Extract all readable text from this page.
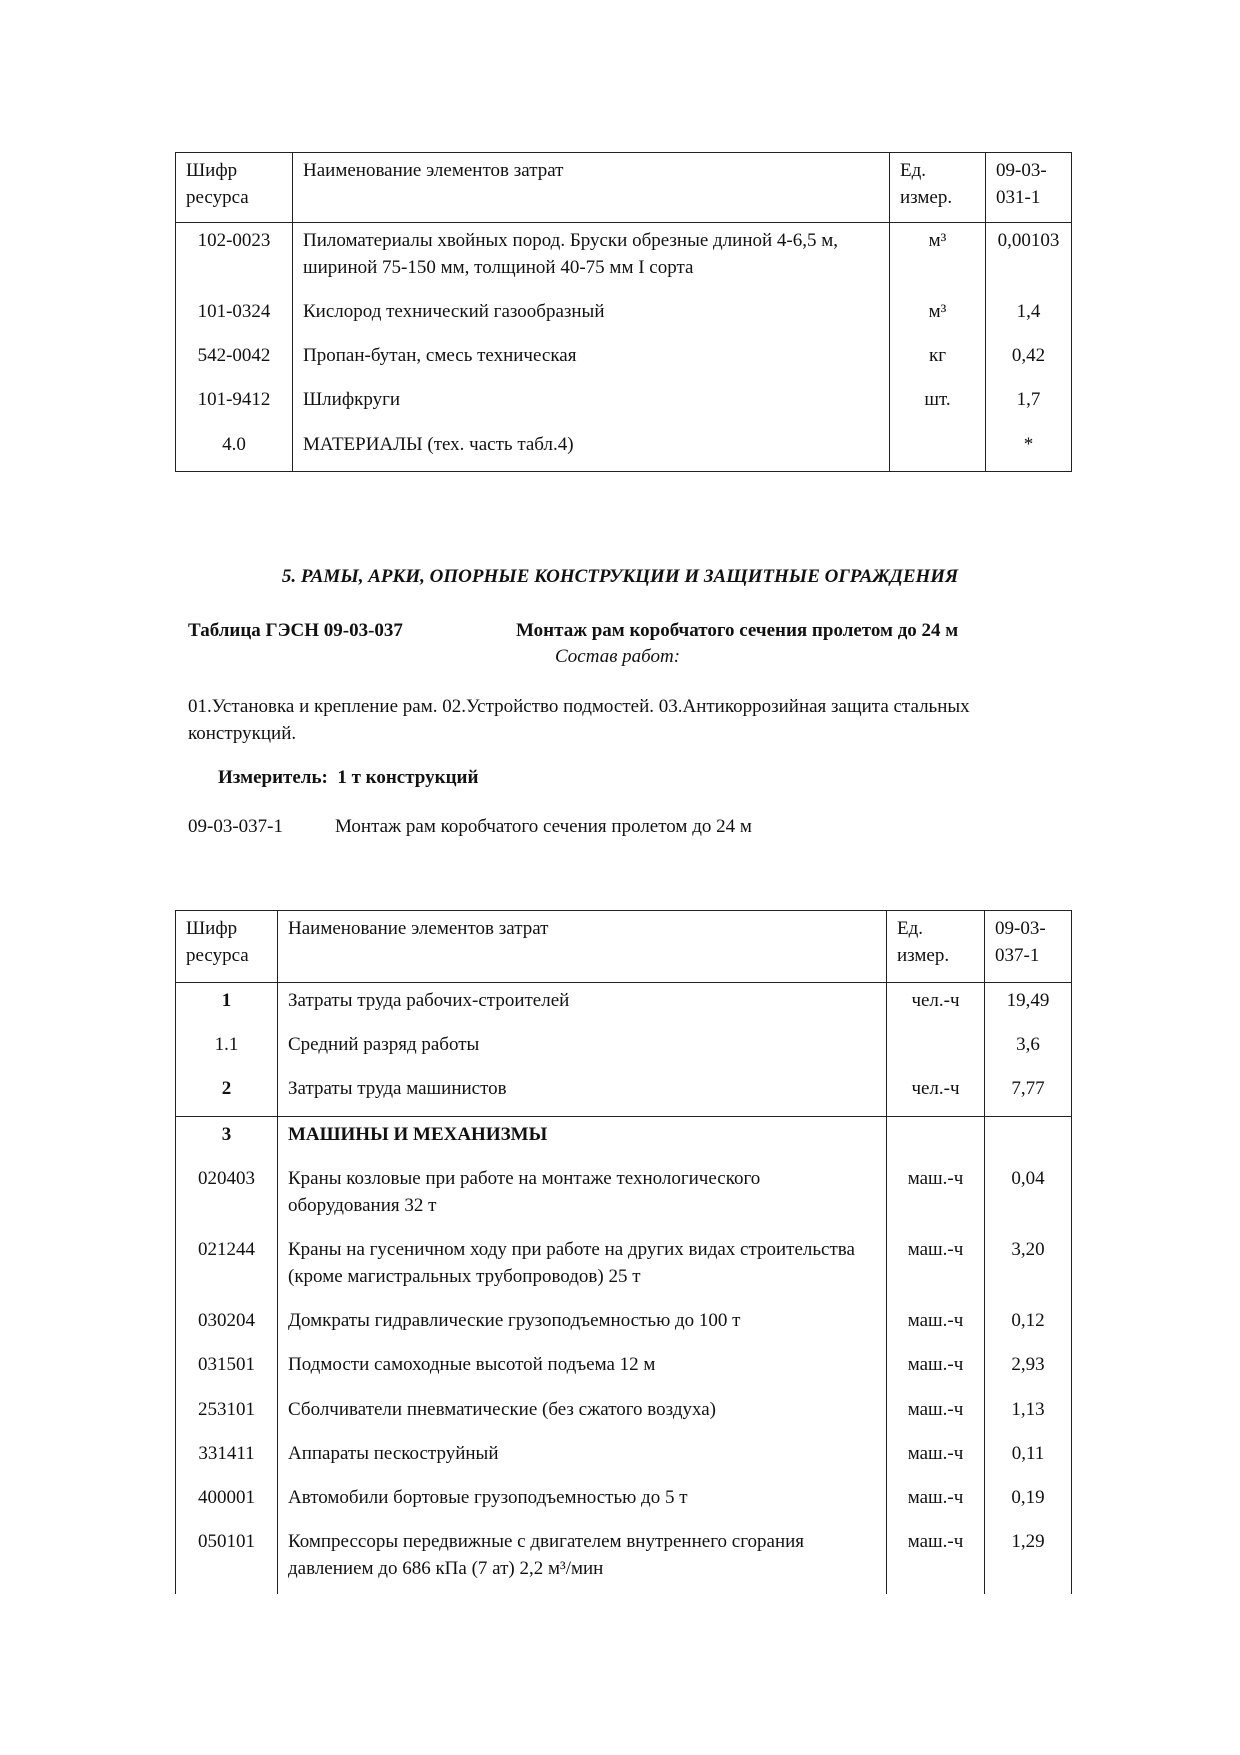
Шифр ресурса	Наименование элементов затрат	Ед. измер.	09-03-031-1
102-0023	Пиломатериалы хвойных пород. Бруски обрезные длиной 4-6,5 м, шириной 75-150 мм, толщиной 40-75 мм I сорта	м³	0,00103
101-0324	Кислород технический газообразный	м³	1,4
542-0042	Пропан-бутан, смесь техническая	кг	0,42
101-9412	Шлифкруги	шт.	1,7
4.0	МАТЕРИАЛЫ (тех. часть табл.4)		*
5. РАМЫ, АРКИ, ОПОРНЫЕ КОНСТРУКЦИИ И ЗАЩИТНЫЕ ОГРАЖДЕНИЯ
Таблица ГЭСН 09-03-037	Монтаж рам коробчатого сечения пролетом до 24 м
Состав работ:
01.Установка и крепление рам. 02.Устройство подмостей. 03.Антикоррозийная защита стальных конструкций.
Измеритель:  1 т конструкций
09-03-037-1	Монтаж рам коробчатого сечения пролетом до 24 м
Шифр ресурса	Наименование элементов затрат	Ед. измер.	09-03-037-1
1	Затраты труда рабочих-строителей	чел.-ч	19,49
1.1	Средний разряд работы		3,6
2	Затраты труда машинистов	чел.-ч	7,77
3	МАШИНЫ И МЕХАНИЗМЫ		
020403	Краны козловые при работе на монтаже технологического оборудования 32 т	маш.-ч	0,04
021244	Краны на гусеничном ходу при работе на других видах строительства (кроме магистральных трубопроводов) 25 т	маш.-ч	3,20
030204	Домкраты гидравлические грузоподъемностью до 100 т	маш.-ч	0,12
031501	Подмости самоходные высотой подъема 12 м	маш.-ч	2,93
253101	Сболчиватели пневматические (без сжатого воздуха)	маш.-ч	1,13
331411	Аппараты пескоструйный	маш.-ч	0,11
400001	Автомобили бортовые грузоподъемностью до 5 т	маш.-ч	0,19
050101	Компрессоры передвижные с двигателем внутреннего сгорания давлением до 686 кПа (7 ат) 2,2 м³/мин	маш.-ч	1,29
